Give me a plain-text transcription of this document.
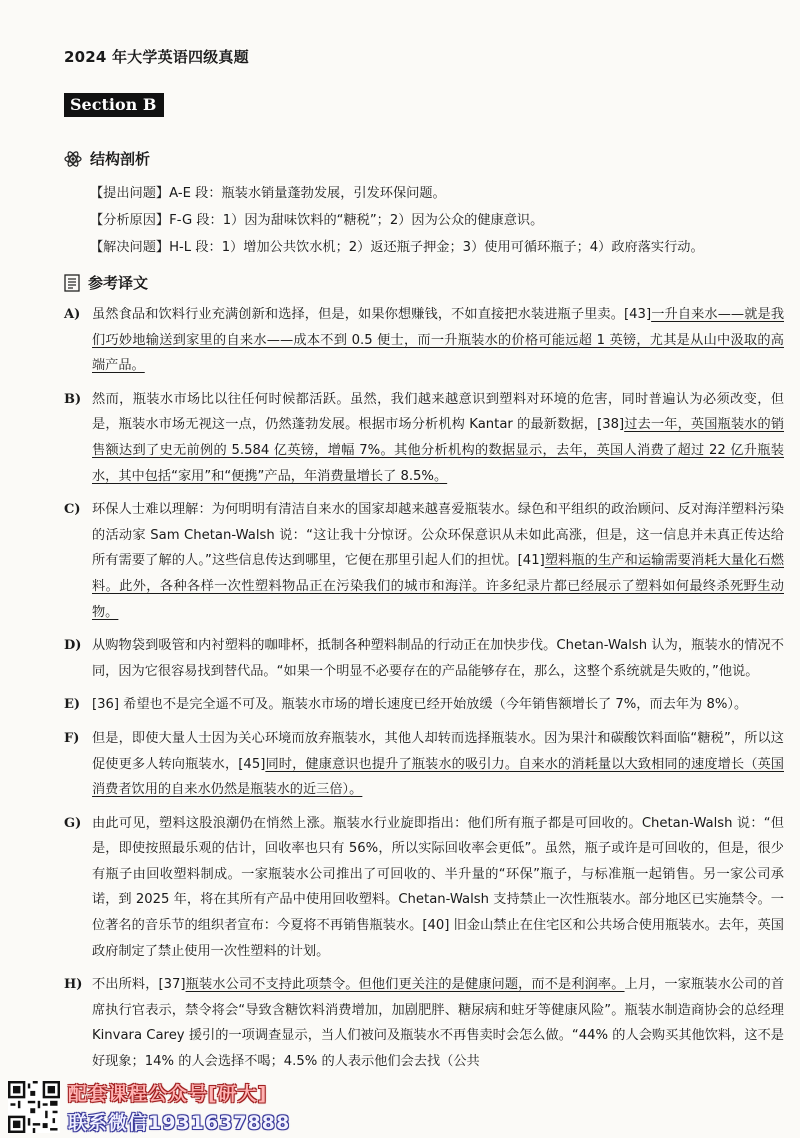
2024 年大学英语四级真题
Section B
结构剖析
【提出问题】A-E 段：瓶装水销量蓬勃发展，引发环保问题。
【分析原因】F-G 段：1）因为甜味饮料的“糖税”；2）因为公众的健康意识。
【解决问题】H-L 段：1）增加公共饮水机；2）返还瓶子押金；3）使用可循环瓶子；4）政府落实行动。
参考译文
A) 虽然食品和饮料行业充满创新和选择，但是，如果你想赚钱，不如直接把水装进瓶子里卖。[43]一升自来水——就是我们巧妙地输送到家里的自来水——成本不到 0.5 便士，而一升瓶装水的价格可能远超 1 英镑，尤其是从山中汲取的高端产品。
B) 然而，瓶装水市场比以往任何时候都活跃。虽然，我们越来越意识到塑料对环境的危害，同时普遍认为必须改变，但是，瓶装水市场无视这一点，仍然蓬勃发展。根据市场分析机构 Kantar 的最新数据，[38]过去一年，英国瓶装水的销售额达到了史无前例的 5.584 亿英镑，增幅 7%。其他分析机构的数据显示，去年，英国人消费了超过 22 亿升瓶装水，其中包括“家用”和“便携”产品，年消费量增长了 8.5%。
C) 环保人士难以理解：为何明明有清洁自来水的国家却越来越喜爱瓶装水。绿色和平组织的政治顾问、反对海洋塑料污染的活动家 Sam Chetan-Walsh 说：“这让我十分惊讶。公众环保意识从未如此高涨，但是，这一信息并未真正传达给所有需要了解的人。”这些信息传达到哪里，它便在那里引起人们的担忧。[41]塑料瓶的生产和运输需要消耗大量化石燃料。此外，各种各样一次性塑料物品正在污染我们的城市和海洋。许多纪录片都已经展示了塑料如何最终杀死野生动物。
D) 从购物袋到吸管和内衬塑料的咖啡杯，抵制各种塑料制品的行动正在加快步伐。Chetan-Walsh 认为，瓶装水的情况不同，因为它很容易找到替代品。“如果一个明显不必要存在的产品能够存在，那么，这整个系统就是失败的，”他说。
E) [36] 希望也不是完全遥不可及。瓶装水市场的增长速度已经开始放缓（今年销售额增长了 7%，而去年为 8%）。
F) 但是，即使大量人士因为关心环境而放弃瓶装水，其他人却转而选择瓶装水。因为果汁和碳酸饮料面临“糖税”，所以这促使更多人转向瓶装水，[45]同时，健康意识也提升了瓶装水的吸引力。自来水的消耗量以大致相同的速度增长（英国消费者饮用的自来水仍然是瓶装水的近三倍）。
G) 由此可见，塑料这股浪潮仍在悄然上涨。瓶装水行业旋即指出：他们所有瓶子都是可回收的。Chetan-Walsh 说：“但是，即使按照最乐观的估计，回收率也只有 56%，所以实际回收率会更低”。虽然，瓶子或许是可回收的，但是，很少有瓶子由回收塑料制成。一家瓶装水公司推出了可回收的、半升量的“环保”瓶子，与标准瓶一起销售。另一家公司承诺，到 2025 年，将在其所有产品中使用回收塑料。Chetan-Walsh 支持禁止一次性瓶装水。部分地区已实施禁令。一位著名的音乐节的组织者宣布：今夏将不再销售瓶装水。[40] 旧金山禁止在住宅区和公共场合使用瓶装水。去年，英国政府制定了禁止使用一次性塑料的计划。
H) 不出所料，[37]瓶装水公司不支持此项禁令。但他们更关注的是健康问题，而不是利润率。上月，一家瓶装水公司的首席执行官表示，禁令将会“导致含糖饮料消费增加，加剧肥胖、糖尿病和蛀牙等健康风险”。瓶装水制造商协会的总经理 Kinvara Carey 援引的一项调查显示，当人们被问及瓶装水不再售卖时会怎么做。“44% 的人会购买其他饮料，这不是好现象；14% 的人会选择不喝；4.5% 的人表示他们会去找（公共
配套课程公众号[研大]
联系微信1931637888
